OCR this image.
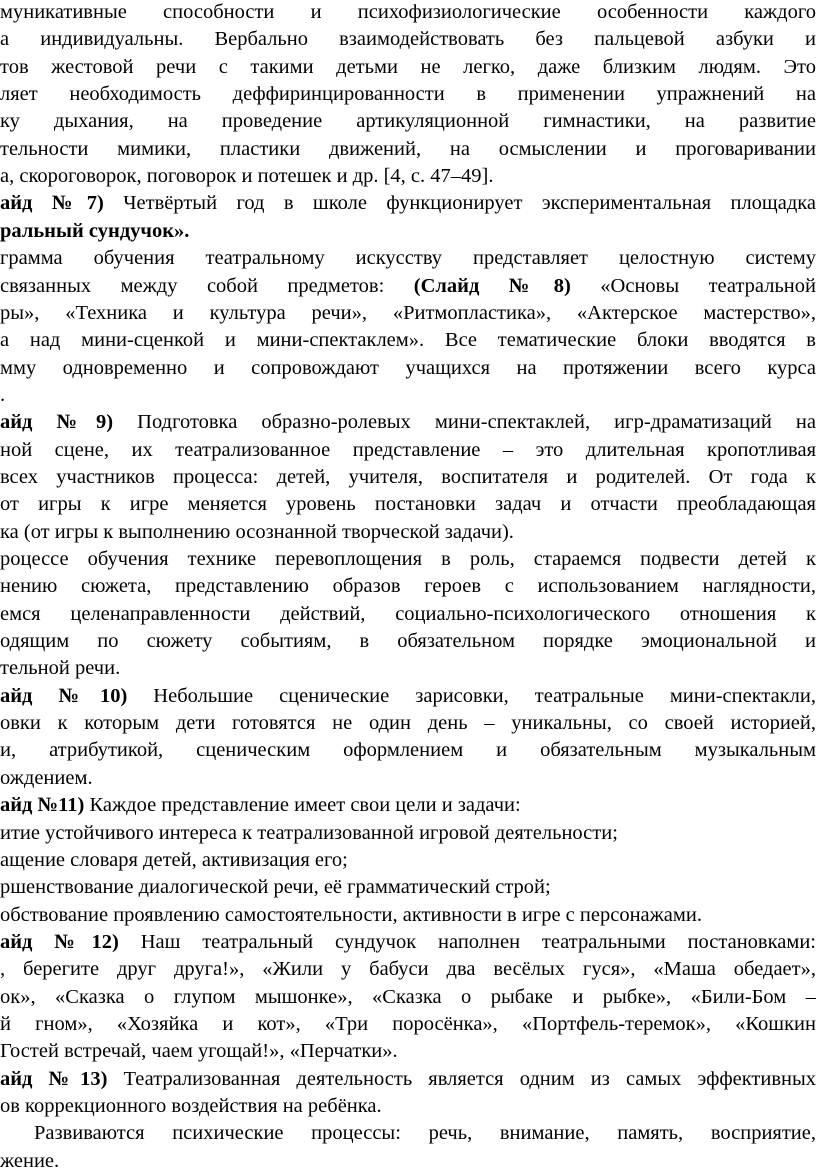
муникативные способности и психофизиологические особенности каждого
а индивидуальны. Вербально взаимодействовать без пальцевой азбуки и
тов жестовой речи с такими детьми не легко, даже близким людям. Это
ляет необходимость деффиринцированности в применении упражнений на
ку дыхания, на проведение артикуляционной гимнастики, на развитие
тельности мимики, пластики движений, на осмыслении и проговаривании
а, скороговорок, поговорок и потешек и др. [4, с. 47–49].
айд №7) Четвёртый год в школе функционирует экспериментальная площадка
ральный сундучок».
грамма обучения театральному искусству представляет целостную систему
связанных между собой предметов: (Слайд №8) «Основы театральной
ры», «Техника и культура речи», «Ритмопластика», «Актерское мастерство»,
а над мини-сценкой и мини-спектаклем». Все тематические блоки вводятся в
мму одновременно и сопровождают учащихся на протяжении всего курса
.
айд №9) Подготовка образно-ролевых мини-спектаклей, игр-драматизаций на
ной сцене, их театрализованное представление – это длительная кропотливая
всех участников процесса: детей, учителя, воспитателя и родителей. От года к
от игры к игре меняется уровень постановки задач и отчасти преобладающая
ка (от игры к выполнению осознанной творческой задачи).
роцессе обучения технике перевоплощения в роль, стараемся подвести детей к
нению сюжета, представлению образов героев с использованием наглядности,
емся целенаправленности действий, социально-психологического отношения к
одящим по сюжету событиям, в обязательном порядке эмоциональной и
тельной речи.
айд №10) Небольшие сценические зарисовки, театральные мини-спектакли,
овки к которым дети готовятся не один день – уникальны, со своей историей,
и, атрибутикой, сценическим оформлением и обязательным музыкальным
ождением.
айд №11) Каждое представление имеет свои цели и задачи:
итие устойчивого интереса к театрализованной игровой деятельности;
ащение словаря детей, активизация его;
ршенствование диалогической речи, её грамматический строй;
обствование проявлению самостоятельности, активности в игре с персонажами.
айд №12) Наш театральный сундучок наполнен театральными постановками:
, берегите друг друга!», «Жили у бабуси два весёлых гуся», «Маша обедает»,
ок», «Сказка о глупом мышонке», «Сказка о рыбаке и рыбке», «Били-Бом –
й гном», «Хозяйка и кот», «Три поросёнка», «Портфель-теремок», «Кошкин
Гостей встречай, чаем угощай!», «Перчатки».
айд №13) Театрализованная деятельность является одним из самых эффективных
ов коррекционного воздействия на ребёнка.
Развиваются психические процессы: речь, внимание, память, восприятие,
жение.
